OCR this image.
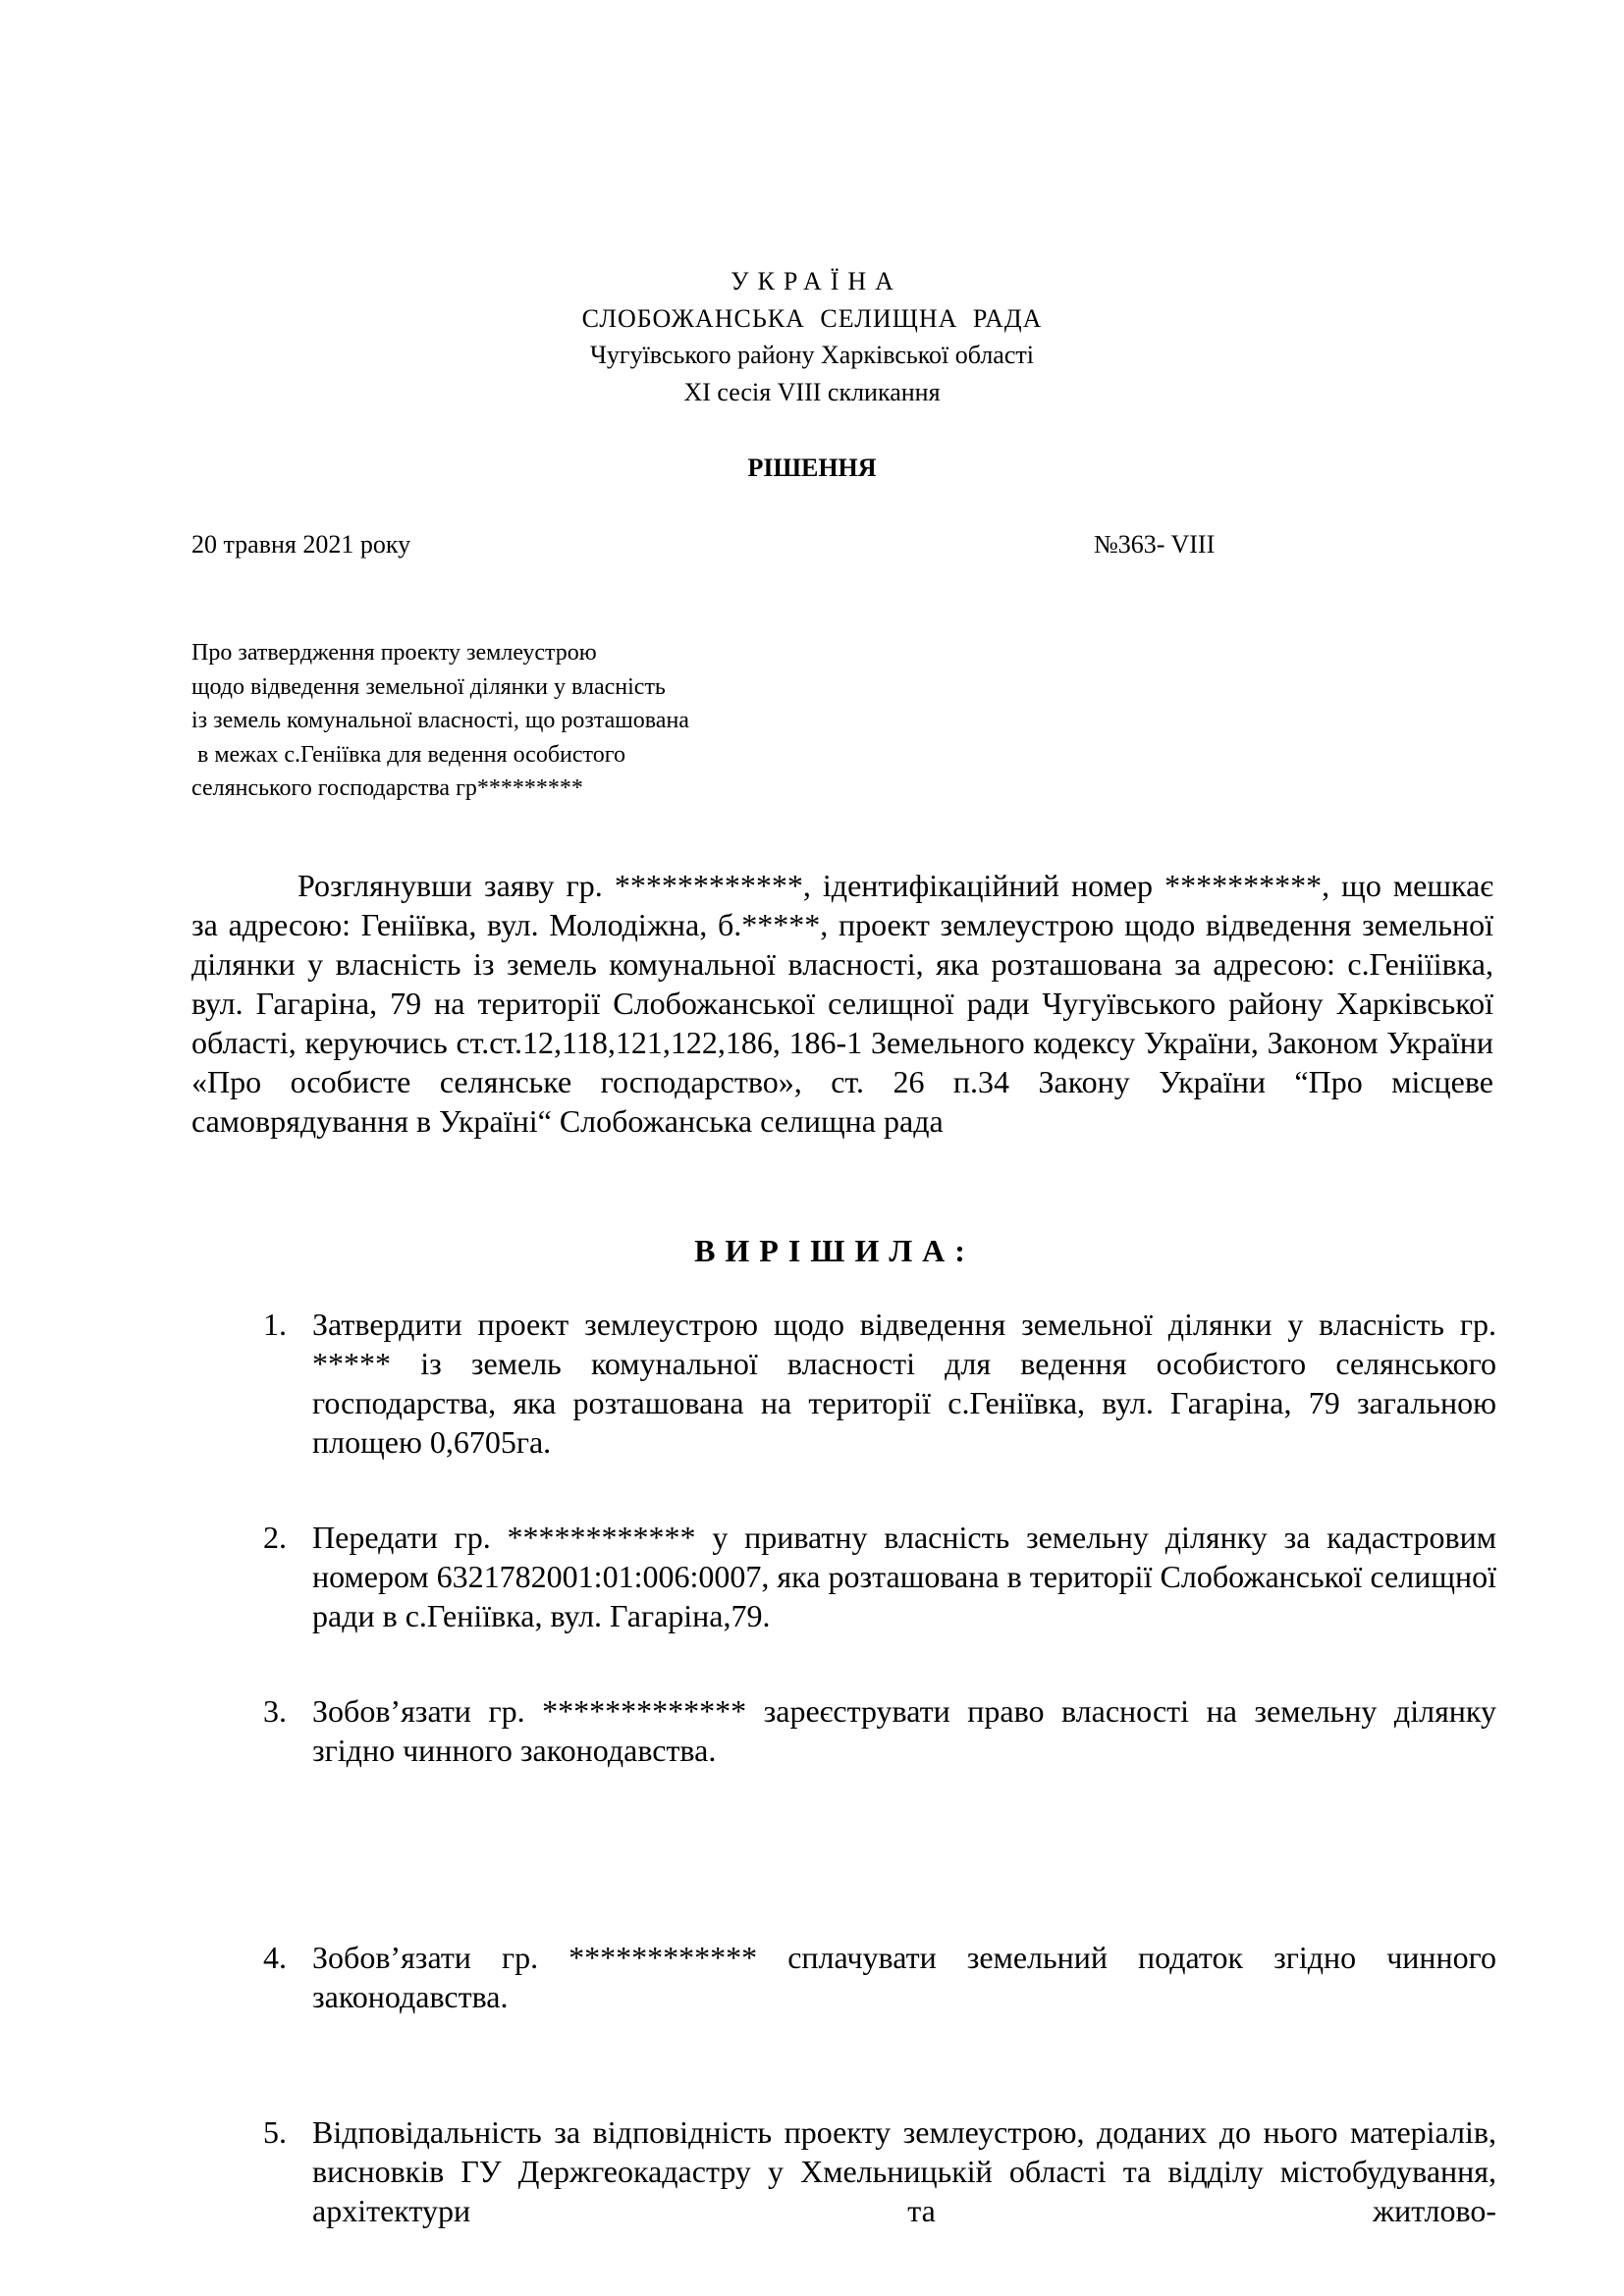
УКРАЇНА
СЛОБОЖАНСЬКА СЕЛИЩНА РАДА
Чугуївського району Харківської області
XI сесія VIII скликання
РІШЕННЯ
20 травня 2021 року	№363- VIII
Про затвердження проекту землеустрою
щодо відведення земельної ділянки у власність
із земель комунальної власності, що розташована
в межах с.Геніївка для ведення особистого
селянського господарства гр*********
Розглянувши заяву гр. ************, ідентифікаційний номер **********, що мешкає за адресою: Геніївка, вул. Молодіжна, б.*****, проект землеустрою щодо відведення земельної ділянки у власність із земель комунальної власності, яка розташована за адресою: с.Геніїівка, вул. Гагаріна, 79 на території Слобожанської селищної ради Чугуївського району Харківської області, керуючись ст.ст.12,118,121,122,186, 186-1 Земельного кодексу України, Законом України «Про особисте селянське господарство», ст. 26 п.34 Закону України “Про місцеве самоврядування в Україні“ Слобожанська селищна рада
ВИРІШИЛА:
1. Затвердити проект землеустрою щодо відведення земельної ділянки у власність гр. ***** із земель комунальної власності для ведення особистого селянського господарства, яка розташована на території с.Геніївка, вул. Гагаріна, 79 загальною площею 0,6705га.
2. Передати гр. ************ у приватну власність земельну ділянку за кадастровим номером 6321782001:01:006:0007, яка розташована в території Слобожанської селищної ради в с.Геніївка, вул. Гагаріна,79.
3. Зобов’язати гр. ************* зареєструвати право власності на земельну ділянку згідно чинного законодавства.
4. Зобов’язати гр. ************ сплачувати земельний податок згідно чинного законодавства.
5. Відповідальність за відповідність проекту землеустрою, доданих до нього матеріалів, висновків ГУ Держгеокадастру у Хмельницькій області та відділу містобудування, архітектури та житлово-
